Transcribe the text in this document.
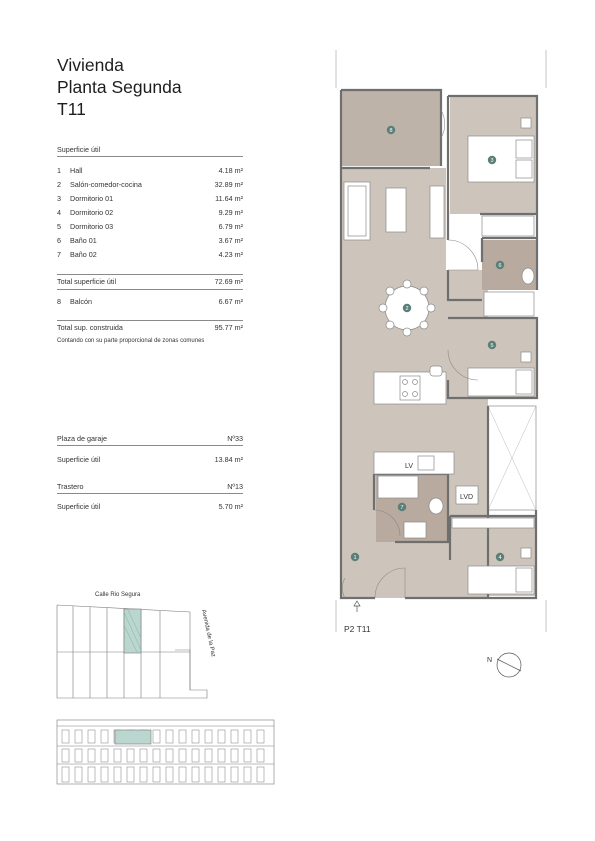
Vivienda
Planta Segunda
T11
Superficie útil
1	Hall	4.18 m²
2	Salón-comedor-cocina	32.89 m²
3	Dormitorio 01	11.64 m²
4	Dormitorio 02	9.29 m²
5	Dormitorio 03	6.79 m²
6	Baño 01	3.67 m²
7	Baño 02	4.23 m²
Total superficie útil	72.69 m²
8	Balcón	6.67 m²
Total sup. construida	95.77 m²
Contando con su parte proporcional de zonas comunes
Plaza de garaje	Nº33
Superficie útil	13.84 m²
Trastero	Nº13
Superficie útil	5.70 m²
LV
LVD
8
3
6
2
5
7
1	4
P2 T11
N
Calle Rio Segura
Avenida de la Paz
